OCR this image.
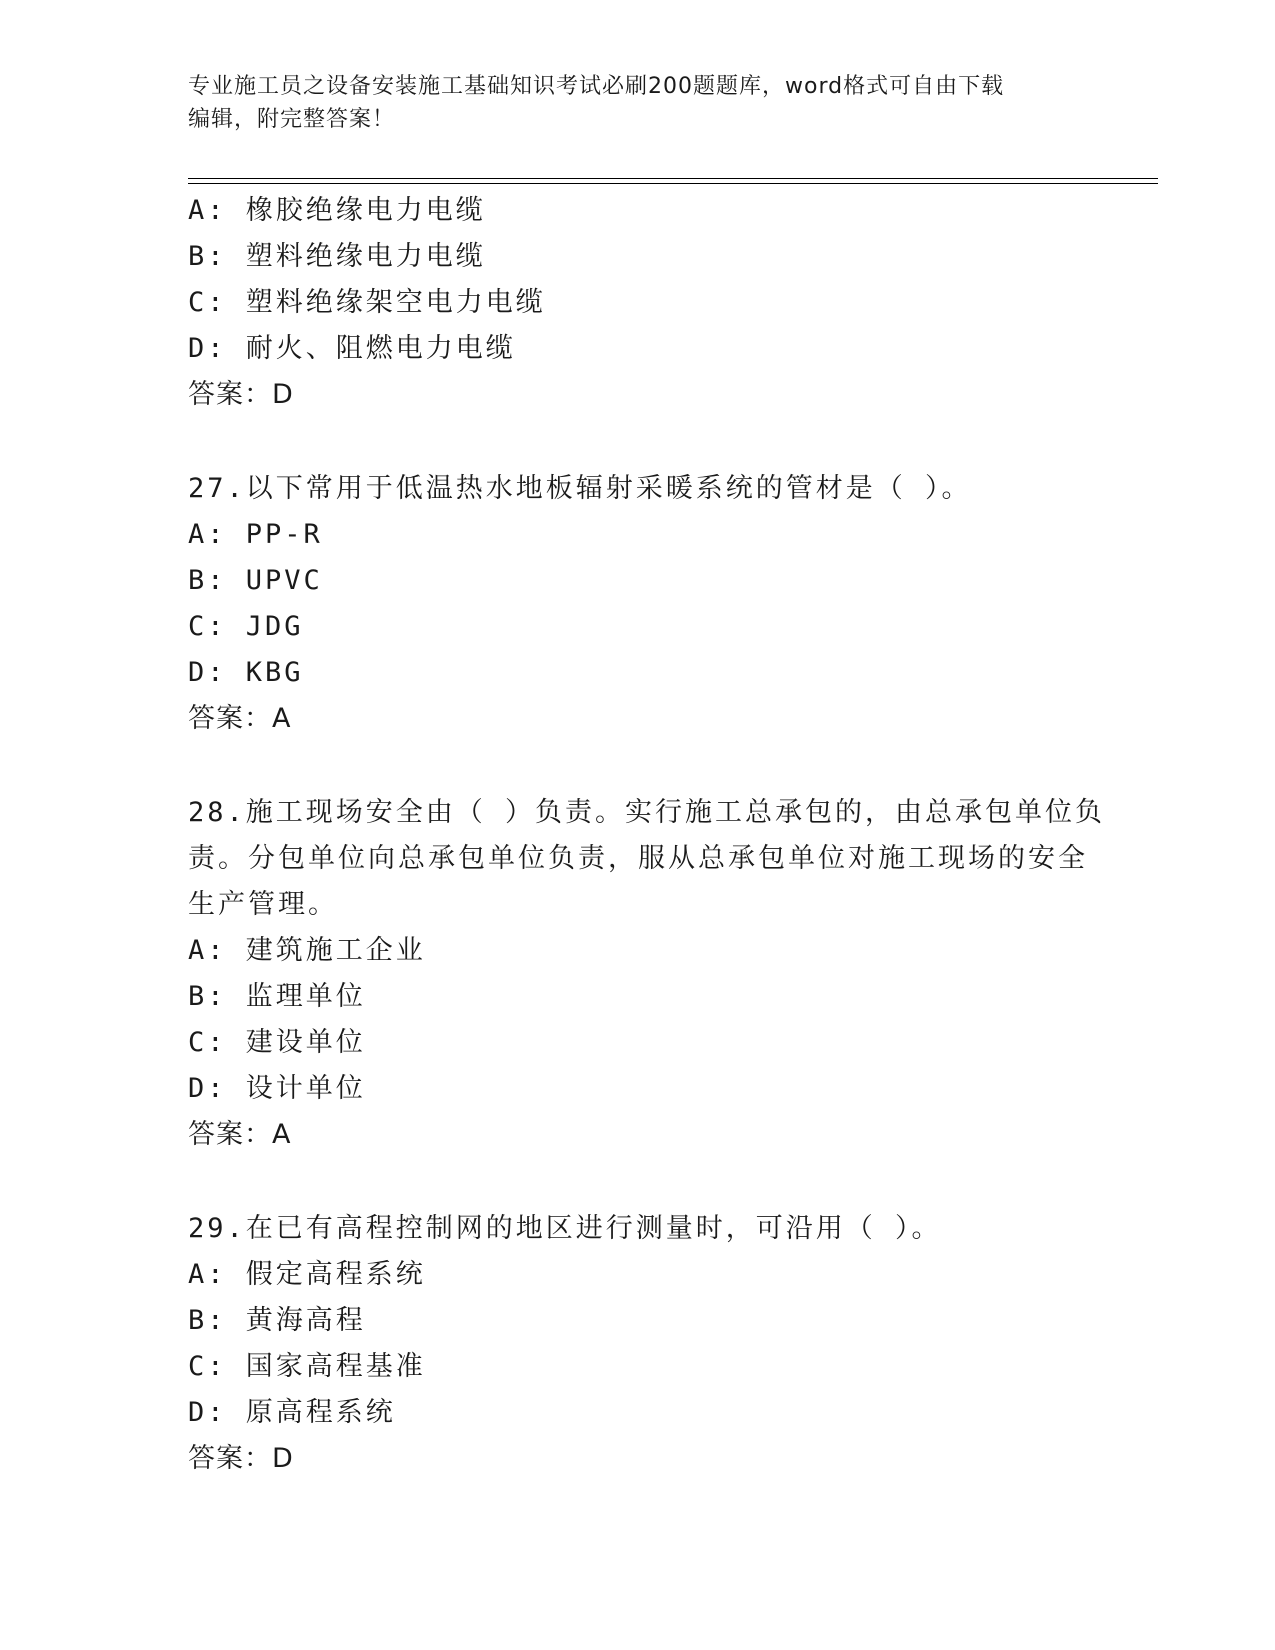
专业施工员之设备安装施工基础知识考试必刷200题题库，word格式可自由下载
编辑，附完整答案！
A: 橡胶绝缘电力电缆
B: 塑料绝缘电力电缆
C: 塑料绝缘架空电力电缆
D: 耐火、阻燃电力电缆
答案：D
27.以下常用于低温热水地板辐射采暖系统的管材是（ ）。
A: PP-R
B: UPVC
C: JDG
D: KBG
答案：A
28.施工现场安全由（ ）负责。实行施工总承包的，由总承包单位负
责。分包单位向总承包单位负责，服从总承包单位对施工现场的安全
生产管理。
A: 建筑施工企业
B: 监理单位
C: 建设单位
D: 设计单位
答案：A
29.在已有高程控制网的地区进行测量时，可沿用（ ）。
A: 假定高程系统
B: 黄海高程
C: 国家高程基准
D: 原高程系统
答案：D
